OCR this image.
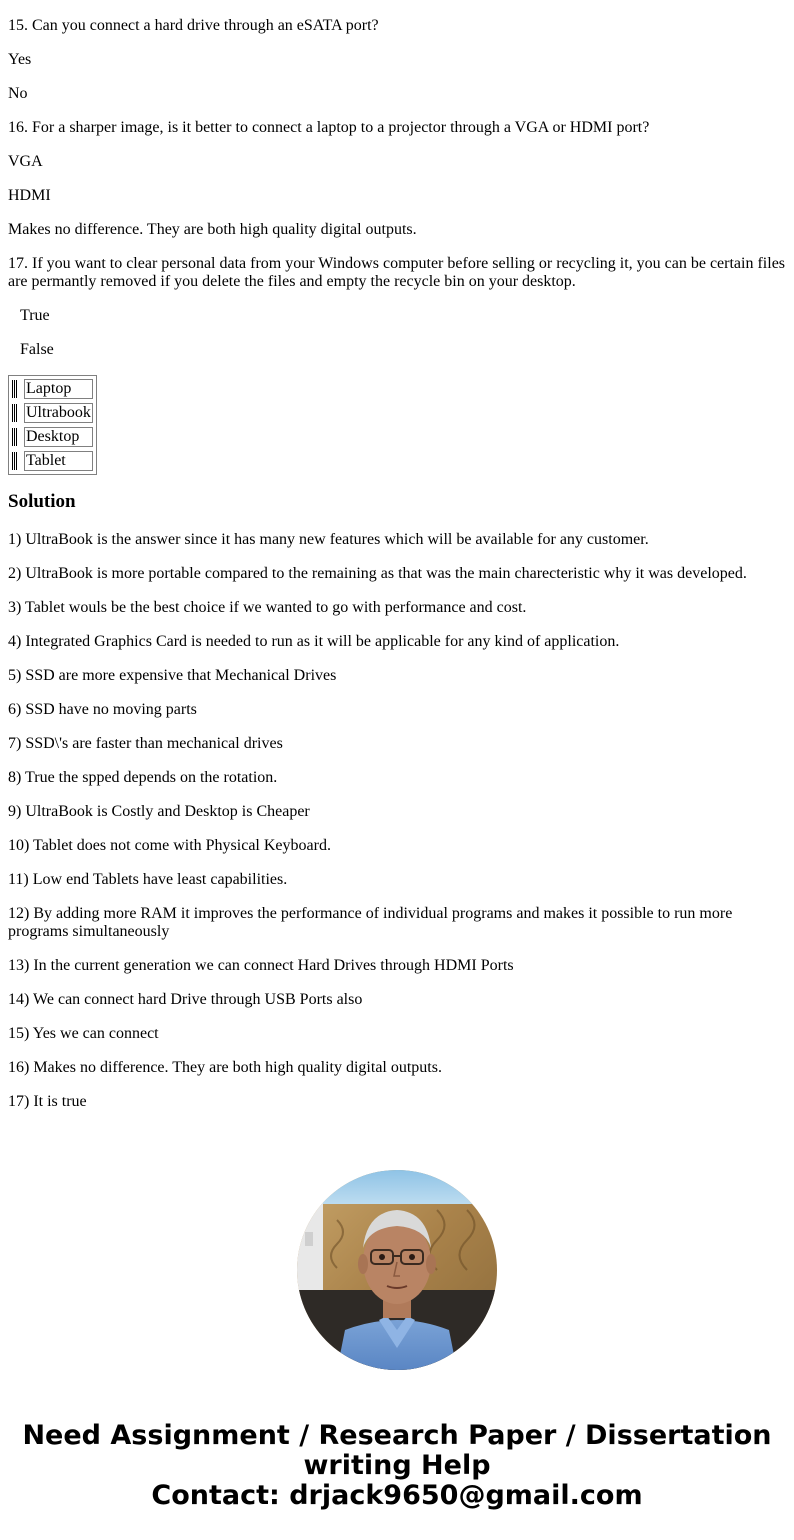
15. Can you connect a hard drive through an eSATA port?

Yes

No

16. For a sharper image, is it better to connect a laptop to a projector through a VGA or HDMI port?

VGA

HDMI

Makes no difference. They are both high quality digital outputs.

17. If you want to clear personal data from your Windows computer before selling or recycling it, you can be certain files are permantly removed if you delete the files and empty the recycle bin on your desktop.

True

False

	Laptop

	Ultrabook

	Desktop

	Tablet
Solution

1) UltraBook is the answer since it has many new features which will be available for any customer.

2) UltraBook is more portable compared to the remaining as that was the main charecteristic why it was developed.

3) Tablet wouls be the best choice if we wanted to go with performance and cost.

4) Integrated Graphics Card is needed to run as it will be applicable for any kind of application.

5) SSD are more expensive that Mechanical Drives

6) SSD have no moving parts

7) SSD\'s are faster than mechanical drives

8) True the spped depends on the rotation.

9) UltraBook is Costly and Desktop is Cheaper

10) Tablet does not come with Physical Keyboard.

11) Low end Tablets have least capabilities.

12) By adding more RAM it improves the performance of individual programs and makes it possible to run more programs simultaneously

13) In the current generation we can connect Hard Drives through HDMI Ports

14) We can connect hard Drive through USB Ports also

15) Yes we can connect

16) Makes no difference. They are both high quality digital outputs.

17) It is true

Need Assignment / Research Paper / Dissertation writing Help
Contact: drjack9650@gmail.com
